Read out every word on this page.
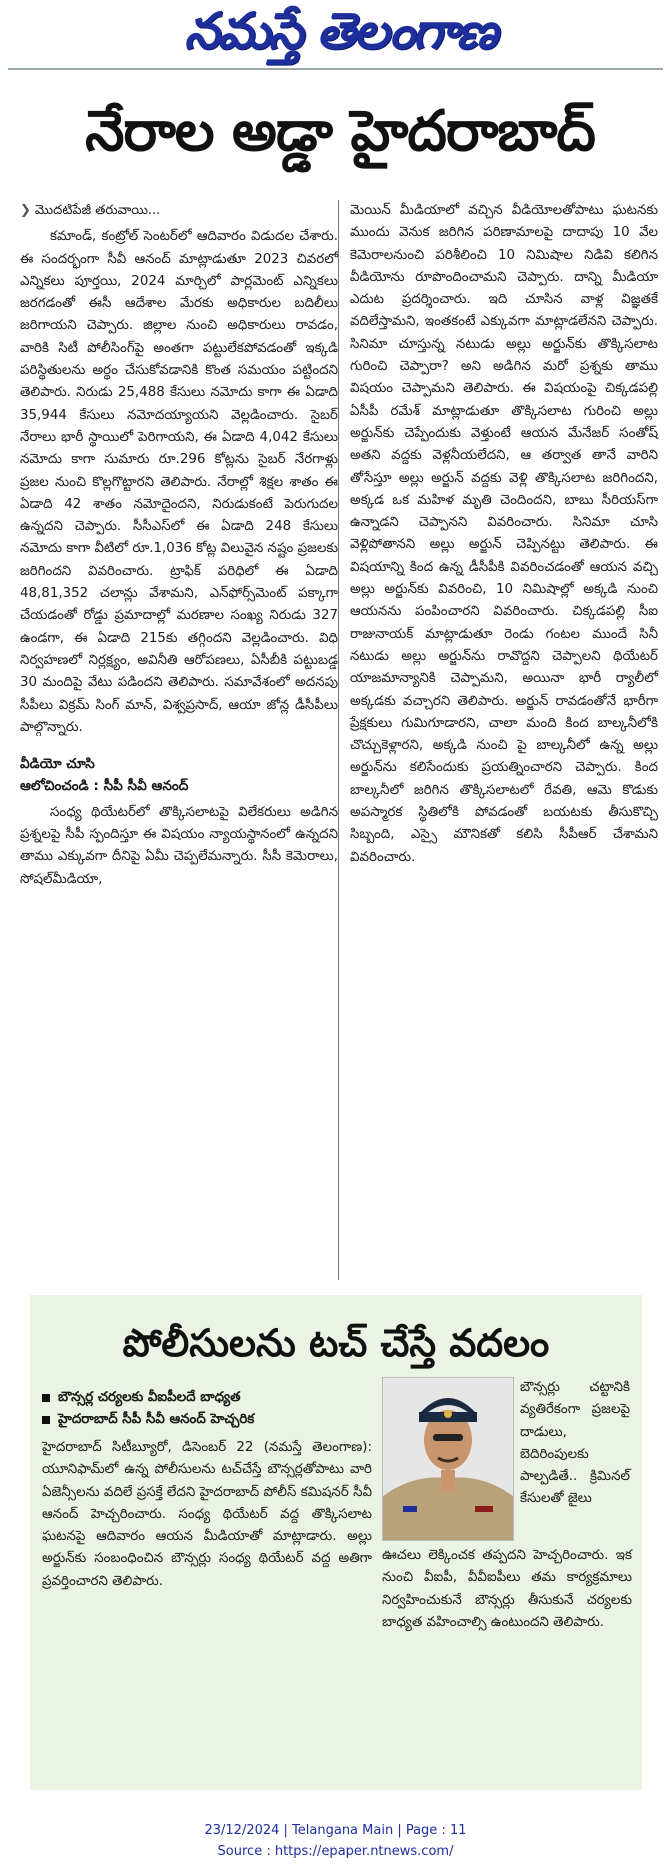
నమస్తే తెలంగాణ
నేరాల అడ్డా హైదరాబాద్
❯ మొదటిపేజీ తరువాయి...

కమాండ్, కంట్రోల్ సెంటర్‌లో ఆదివారం విడుదల చేశారు. ఈ సందర్భంగా సీవీ ఆనంద్ మాట్లాడుతూ 2023 చివరలో ఎన్నికలు పూర్తయి, 2024 మార్చిలో పార్లమెంట్ ఎన్నికలు జరగడంతో ఈసీ ఆదేశాల మేరకు అధికారుల బదిలీలు జరిగాయని చెప్పారు. జిల్లాల నుంచి అధికారులు రావడం, వారికి సిటీ పోలీసింగ్‌పై అంతగా పట్టులేకపోవడంతో ఇక్కడి పరిస్థితులను అర్థం చేసుకోవడానికి కొంత సమయం పట్టిందని తెలిపారు. నిరుడు 25,488 కేసులు నమోదు కాగా ఈ ఏడాది 35,944 కేసులు నమోదయ్యాయని వెల్లడించారు. సైబర్ నేరాలు భారీ స్థాయిలో పెరిగాయని, ఈ ఏడాది 4,042 కేసులు నమోదు కాగా సుమారు రూ.296 కోట్లను సైబర్ నేరగాళ్లు ప్రజల నుంచి కొల్లగొట్టారని తెలిపారు. నేరాల్లో శిక్షల శాతం ఈ ఏడాది 42 శాతం నమోదైందని, నిరుడుకంటే పెరుగుదల ఉన్నదని చెప్పారు. సీసీఎస్‌లో ఈ ఏడాది 248 కేసులు నమోదు కాగా వీటిలో రూ.1,036 కోట్ల విలువైన నష్టం ప్రజలకు జరిగిందని వివరించారు. ట్రాఫిక్ పరిధిలో ఈ ఏడాది 48,81,352 చలాన్లు వేశామని, ఎన్‌ఫోర్స్‌మెంట్ పక్కాగా చేయడంతో రోడ్డు ప్రమాదాల్లో మరణాల సంఖ్య నిరుడు 327 ఉండగా, ఈ ఏడాది 215కు తగ్గిందని వెల్లడించారు. విధి నిర్వహణలో నిర్లక్ష్యం, అవినీతి ఆరోపణలు, ఏసీబీకి పట్టుబడ్డ 30 మందిపై వేటు పడిందని తెలిపారు. సమావేశంలో అదనపు సీపీలు విక్రమ్ సింగ్ మాన్, విశ్వప్రసాద్, ఆయా జోన్ల డీసీపీలు పాల్గొన్నారు.

వీడియో చూసి

ఆలోచించండి : సీపీ సీవీ ఆనంద్

సంధ్య థియేటర్‌లో తొక్కిసలాటపై విలేకరులు అడిగిన ప్రశ్నలపై సీపీ స్పందిస్తూ ఈ విషయం న్యాయస్థానంలో ఉన్నదని తాము ఎక్కువగా దీనిపై ఏమీ చెప్పలేమన్నారు. సీసీ కెమెరాలు, సోషల్‌మీడియా,

మెయిన్ మీడియాలో వచ్చిన వీడియోలతోపాటు ఘటనకు ముందు వెనుక జరిగిన పరిణామాలపై దాదాపు 10 వేల కెమెరాలనుంచి పరిశీలించి 10 నిమిషాల నిడివి కలిగిన వీడియోను రూపొందించామని చెప్పారు. దాన్ని మీడియా ఎదుట ప్రదర్శించారు. ఇది చూసిన వాళ్ల విజ్ఞతకే వదిలేస్తామని, ఇంతకంటే ఎక్కువగా మాట్లాడలేనని చెప్పారు. సినిమా చూస్తున్న నటుడు అల్లు అర్జున్‌కు తొక్కిసలాట గురించి చెప్పారా? అని అడిగిన మరో ప్రశ్నకు తాము విషయం చెప్పామని తెలిపారు. ఈ విషయంపై చిక్కడపల్లి ఏసీపీ రమేశ్ మాట్లాడుతూ తొక్కిసలాట గురించి అల్లు అర్జున్‌కు చెప్పేందుకు వెళ్తుంటే ఆయన మేనేజర్ సంతోష్ అతని వద్దకు వెళ్లనీయలేదని, ఆ తర్వాత తానే వారిని తోసేస్తూ అల్లు అర్జున్ వద్దకు వెళ్లి తొక్కిసలాట జరిగిందని, అక్కడ ఒక మహిళ మృతి చెందిందని, బాబు సీరియస్‌గా ఉన్నాడని చెప్పానని వివరించారు. సినిమా చూసి వెళ్లిపోతానని అల్లు అర్జున్ చెప్పినట్టు తెలిపారు. ఈ విషయాన్ని కింద ఉన్న డీసీపీకి వివరించడంతో ఆయన వచ్చి అల్లు అర్జున్‌కు వివరించి, 10 నిమిషాల్లో అక్కడి నుంచి ఆయనను పంపించారని వివరించారు. చిక్కడపల్లి సీఐ రాజునాయక్ మాట్లాడుతూ రెండు గంటల ముందే సినీ నటుడు అల్లు అర్జున్‌ను రావొద్దని చెప్పాలని థియేటర్ యాజమాన్యానికి చెప్పామని, అయినా భారీ ర్యాలీలో అక్కడకు వచ్చారని తెలిపారు. అర్జున్ రావడంతోనే భారీగా ప్రేక్షకులు గుమిగూడారని, చాలా మంది కింద బాల్కనీలోకి చొచ్చుకెళ్లారని, అక్కడి నుంచి పై బాల్కనీలో ఉన్న అల్లు అర్జున్‌ను కలిసేందుకు ప్రయత్నించారని చెప్పారు. కింద బాల్కనీలో జరిగిన తొక్కిసలాటలో రేవతి, ఆమె కొడుకు అపస్మారక స్థితిలోకి పోవడంతో బయటకు తీసుకొచ్చి సిబ్బంది, ఎస్సై మౌనికతో కలిసి సీపీఆర్ చేశామని వివరించారు.

పోలీసులను టచ్ చేస్తే వదలం
బౌన్సర్ల చర్యలకు వీఐపీలదే బాధ్యత
హైదరాబాద్ సీపీ సీవీ ఆనంద్ హెచ్చరిక
హైదరాబాద్ సిటీబ్యూరో, డిసెంబర్ 22 (నమస్తే తెలంగాణ): యూనిఫామ్‌లో ఉన్న పోలీసులను టచ్‌చేస్తే బౌన్సర్లతోపాటు వారి ఏజెన్సీలను వదిలే ప్రసక్తే లేదని హైదరాబాద్ పోలీస్ కమిషనర్ సీవీ ఆనంద్ హెచ్చరించారు. సంధ్య థియేటర్ వద్ద తొక్కిసలాట ఘటనపై ఆదివారం ఆయన మీడియాతో మాట్లాడారు. అల్లు అర్జున్‌కు సంబంధించిన బౌన్సర్లు సంధ్య థియేటర్ వద్ద అతిగా ప్రవర్తించారని తెలిపారు.
బౌన్సర్లు చట్టానికి వ్యతిరేకంగా ప్రజలపై దాడులు, బెదిరింపులకు పాల్పడితే.. క్రిమినల్ కేసులతో జైలు
ఊచలు లెక్కించక తప్పదని హెచ్చరించారు. ఇక నుంచి వీఐపీ, వీవీఐపీలు తమ కార్యక్రమాలు నిర్వహించుకునే బౌన్సర్లు తీసుకునే చర్యలకు బాధ్యత వహించాల్సి ఉంటుందని తెలిపారు.
23/12/2024 | Telangana Main | Page : 11
Source : https://epaper.ntnews.com/
